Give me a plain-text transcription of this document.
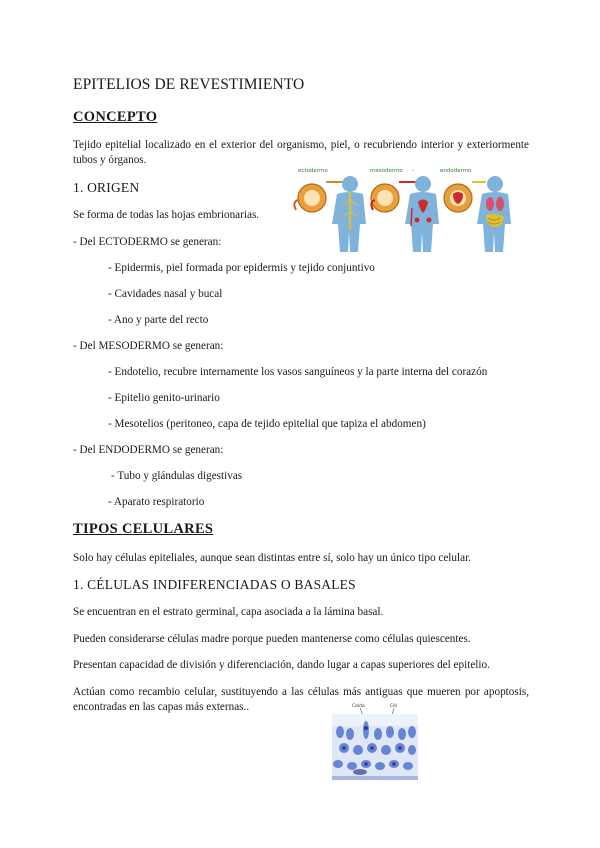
EPITELIOS DE REVESTIMIENTO
CONCEPTO

Tejido epitelial localizado en el exterior del organismo, piel, o recubriendo interior y exteriormente tubos y órganos.

1. ORIGEN

Se forma de todas las hojas embrionarias.

- Del ECTODERMO se generan:

- Epidermis, piel formada por epidermis y tejido conjuntivo

- Cavidades nasal y bucal

- Ano y parte del recto

- Del MESODERMO se generan:

- Endotelio, recubre internamente los vasos sanguíneos y la parte interna del corazón

- Epitelio genito-urinario

- Mesotelios (peritoneo, capa de tejido epitelial que tapiza el abdomen)

- Del ENDODERMO se generan:

- Tubo y glándulas digestivas

- Aparato respiratorio

TIPOS CELULARES

Solo hay células epiteliales, aunque sean distintas entre sí, solo hay un único tipo celular.

1. CÉLULAS INDIFERENCIADAS O BASALES

Se encuentran en el estrato germinal, capa asociada a la lámina basal.

Pueden considerarse células madre porque pueden mantenerse como células quiescentes.

Presentan capacidad de división y diferenciación, dando lugar a capas superiores del epitelio.

Actúan como recambio celular, sustituyendo a las células más antiguas que mueren por apoptosis, encontradas en las capas más externas..

ectodermo	mesodermo -	endodermo
Celda	Cél
